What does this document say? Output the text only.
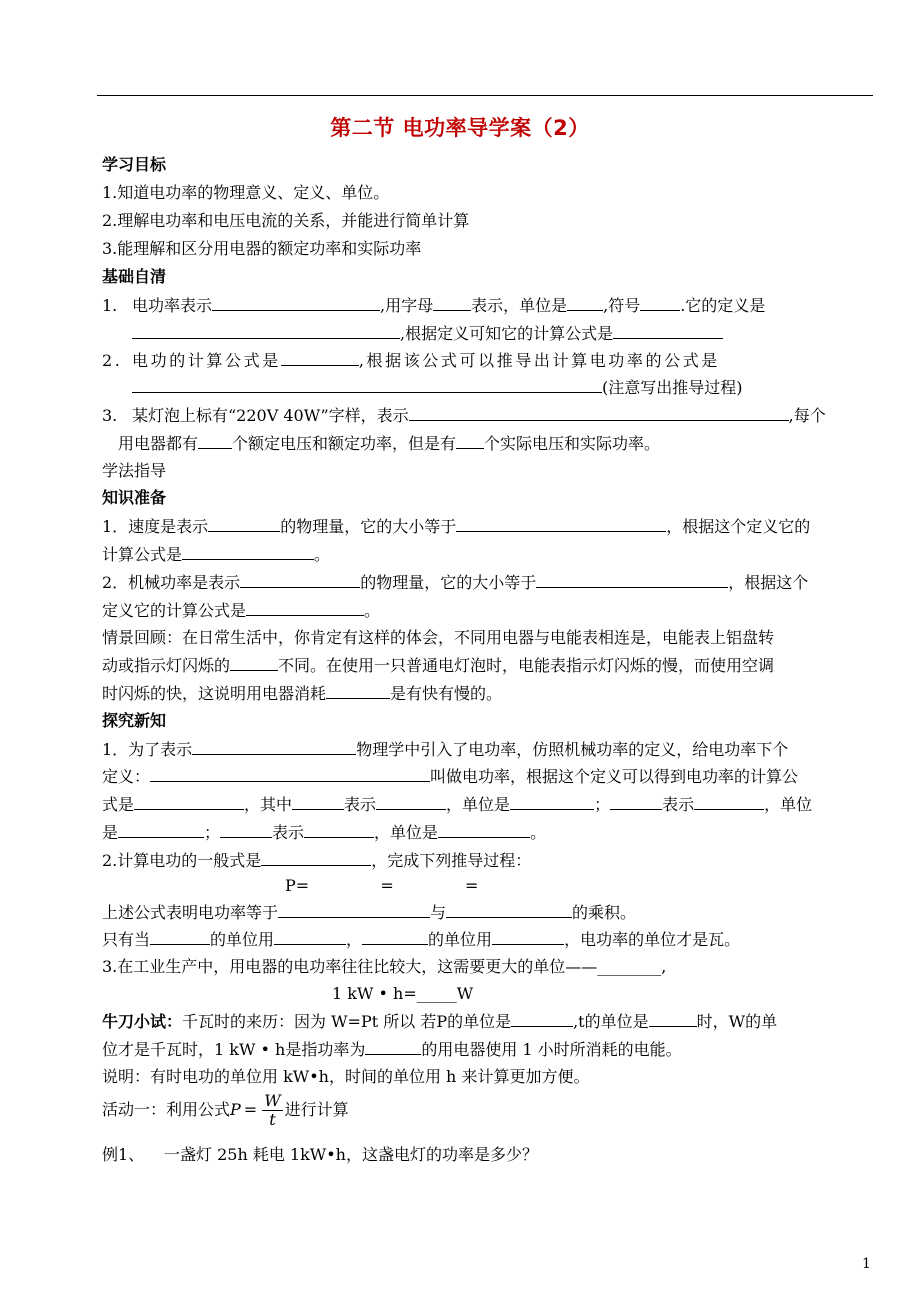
第二节 电功率导学案（2）
学习目标
1.知道电功率的物理意义、定义、单位。
2.理解电功率和电压电流的关系，并能进行简单计算
3.能理解和区分用电器的额定功率和实际功率
基础自清
1. 电功率表示	,用字母 表示，单位是 ,符号	.它的定义是
,根据定义可知它的计算公式是
2. 电功的计算公式是	,根据该公式可以推导出计算电功率的公式是
(注意写出推导过程)
3. 某灯泡上标有“220V 40W”字样，表示	,每个
用电器都有 个额定电压和额定功率，但是有 个实际电压和实际功率。
学法指导
知识准备
1．速度是表示	的物理量，它的大小等于	，根据这个定义它的
计算公式是	。
2．机械功率是表示	的物理量，它的大小等于	，根据这个
定义它的计算公式是	。
情景回顾：在日常生活中，你肯定有这样的体会，不同用电器与电能表相连是，电能表上铝盘转
动或指示灯闪烁的	不同。在使用一只普通电灯泡时，电能表指示灯闪烁的慢，而使用空调
时闪烁的快，这说明用电器消耗	是有快有慢的。
探究新知
1．为了表示	物理学中引入了电功率，仿照机械功率的定义，给电功率下个
定义：	叫做电功率，根据这个定义可以得到电功率的计算公
式是	，其中	表示	，单位是	；	表示	，单位
是	；	表示	，单位是	。
2.计算电功的一般式是	，完成下列推导过程：
P=              =              =
上述公式表明电功率等于	与	的乘积。
只有当	的单位用	，	的单位用	，电功率的单位才是瓦。
3.在工业生产中，用电器的电功率往往比较大，这需要更大的单位——________,
1 kW • h=_____W
牛刀小试：千瓦时的来历：因为 W=Pt 所以 若P的单位是	,t的单位是	时，W的单
位才是千瓦时，1 kW • h是指功率为	的用电器使用 1 小时所消耗的电能。
说明：有时电功的单位用 kW•h，时间的单位用 h 来计算更加方便。
活动一：利用公式$P = \frac{W}{t}$ 进行计算
例1、 一盏灯 25h 耗电 1kW•h，这盏电灯的功率是多少？
1
